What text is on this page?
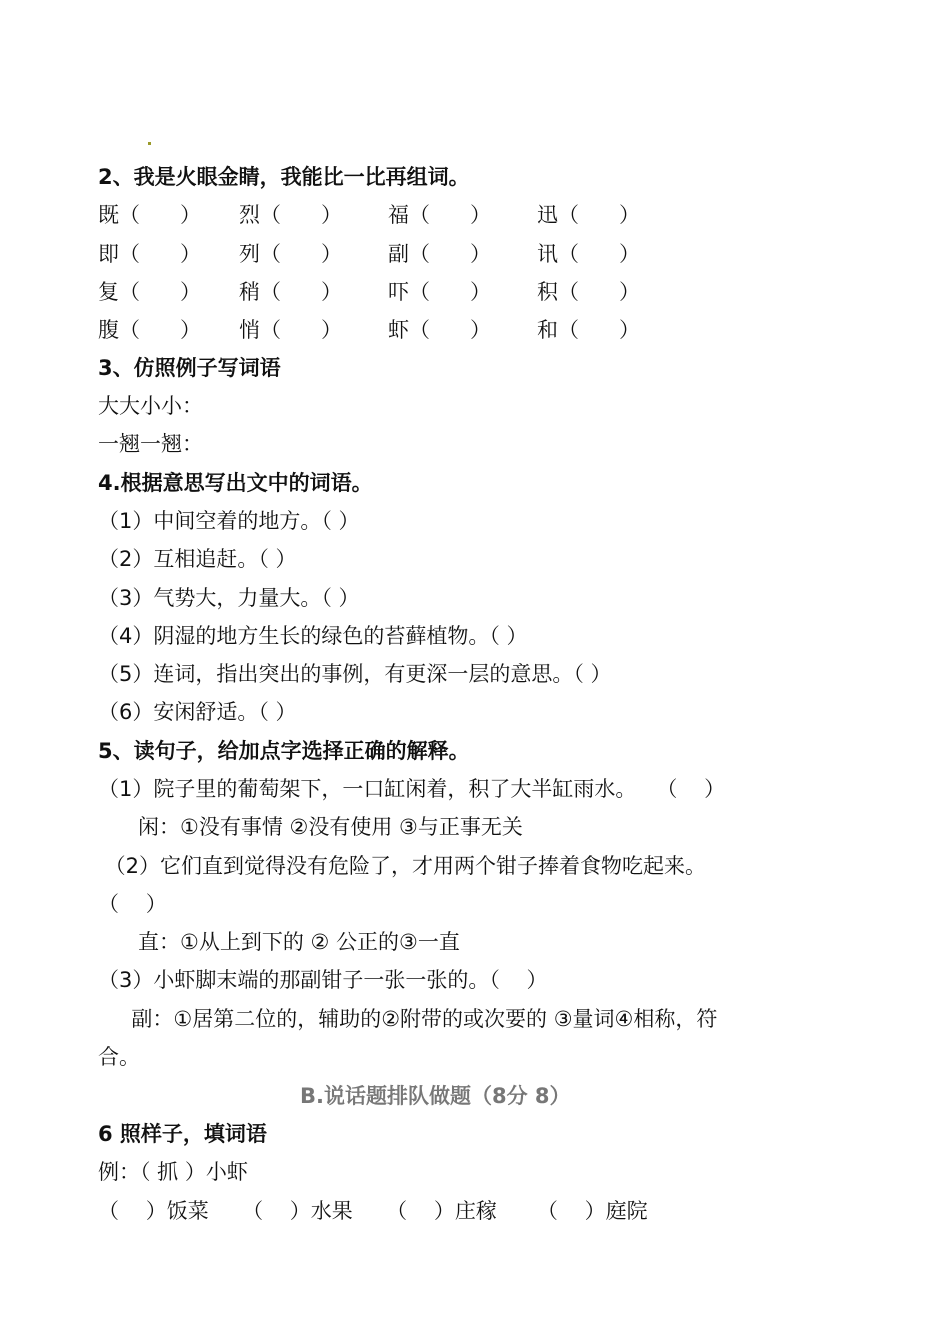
2、我是火眼金睛，我能比一比再组词。
既（      ） 烈（      ） 福（      ） 迅（      ）
即（      ） 列（      ） 副（      ） 讯（      ）
复（      ） 稍（      ） 吓（      ） 积（      ）
腹（      ） 悄（      ） 虾（      ） 和（      ）
3、仿照例子写词语
大大小小：
一翘一翘：
4.根据意思写出文中的词语。
（1）中间空着的地方。（ ）
（2）互相追赶。（ ）
（3）气势大，力量大。（ ）
（4）阴湿的地方生长的绿色的苔藓植物。（ ）
（5）连词，指出突出的事例，有更深一层的意思。（ ）
（6）安闲舒适。（ ）
5、读句子，给加点字选择正确的解释。
（1）院子里的葡萄架下，一口缸闲着，积了大半缸雨水。   （    ）
闲：①没有事情 ②没有使用 ③与正事无关
（2）它们直到觉得没有危险了，才用两个钳子捧着食物吃起来。
（    ）
直：①从上到下的 ② 公正的③一直
（3）小虾脚末端的那副钳子一张一张的。（    ）
副：①居第二位的，辅助的②附带的或次要的 ③量词④相称，符
合。
B.说话题排队做题（8分 8）
6 照样子，填词语
例：（ 抓 ）小虾
（    ）饭菜     （    ）水果     （    ）庄稼      （    ）庭院
